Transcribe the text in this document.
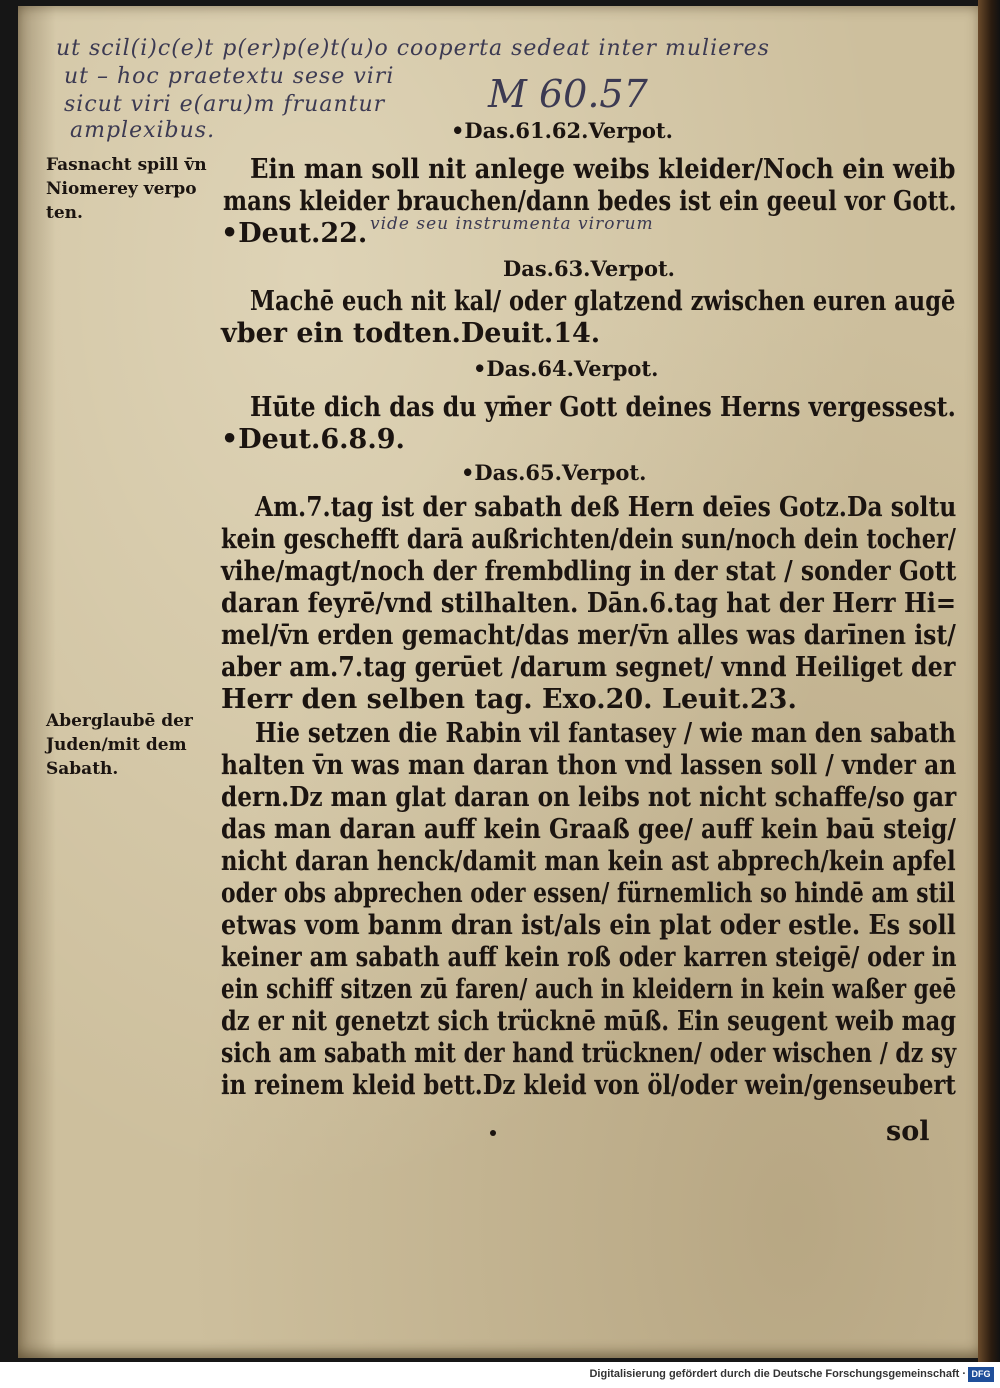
ut scil(i)c(e)t p(er)p(e)t(u)o cooperta sedeat inter mulieres
ut – hoc praetextu sese viri
sicut viri e(aru)m fruantur
amplexibus.
M 60.57
•Das.61.62.Verpot.
Ein man soll nit anlege weibs kleider/Noch ein weib
mans kleider brauchen/dann bedes ist ein geeul vor Gott.
•Deut.22. vide seu instrumenta virorum
Das.63.Verpot.
Machē euch nit kal/ oder glatzend zwischen euren augē
vber ein todten.Deuit.14.
•Das.64.Verpot.
Hūte dich das du ym̄er Gott deines Herns vergessest.
•Deut.6.8.9.
•Das.65.Verpot.
Am.7.tag ist der sabath deß Hern deīes Gotz.Da soltu
kein geschefft darā außrichten/dein sun/noch dein tocher/
vihe/magt/noch der frembdling in der stat / sonder Gott
daran feyrē/vnd stilhalten. Dān.6.tag hat der Herr Hi=
mel/v̄n erden gemacht/das mer/v̄n alles was darīnen ist/
aber am.7.tag gerūet /darum segnet/ vnnd Heiliget der
Herr den selben tag. Exo.20. Leuit.23.
Hie setzen die Rabin vil fantasey / wie man den sabath
halten v̄n was man daran thon vnd lassen soll / vnder an
dern.Dz man glat daran on leibs not nicht schaffe/so gar
das man daran auff kein Graaß gee/ auff kein baū steig/
nicht daran henck/damit man kein ast abprech/kein apfel
oder obs abprechen oder essen/ fürnemlich so hindē am stil
etwas vom banm dran ist/als ein plat oder estle. Es soll
keiner am sabath auff kein roß oder karren steigē/ oder in
ein schiff sitzen zū faren/ auch in kleidern in kein waßer geē
dz er nit genetzt sich trücknē mūß. Ein seugent weib mag
sich am sabath mit der hand trücknen/ oder wischen / dz sy
in reinem kleid bett.Dz kleid von öl/oder wein/genseubert
sol
Fasnacht spill v̄n
Niomerey verpo
ten.
Aberglaubē der
Juden/mit dem
Sabath.
Digitalisierung gefördert durch die Deutsche Forschungsgemeinschaft · DFG
